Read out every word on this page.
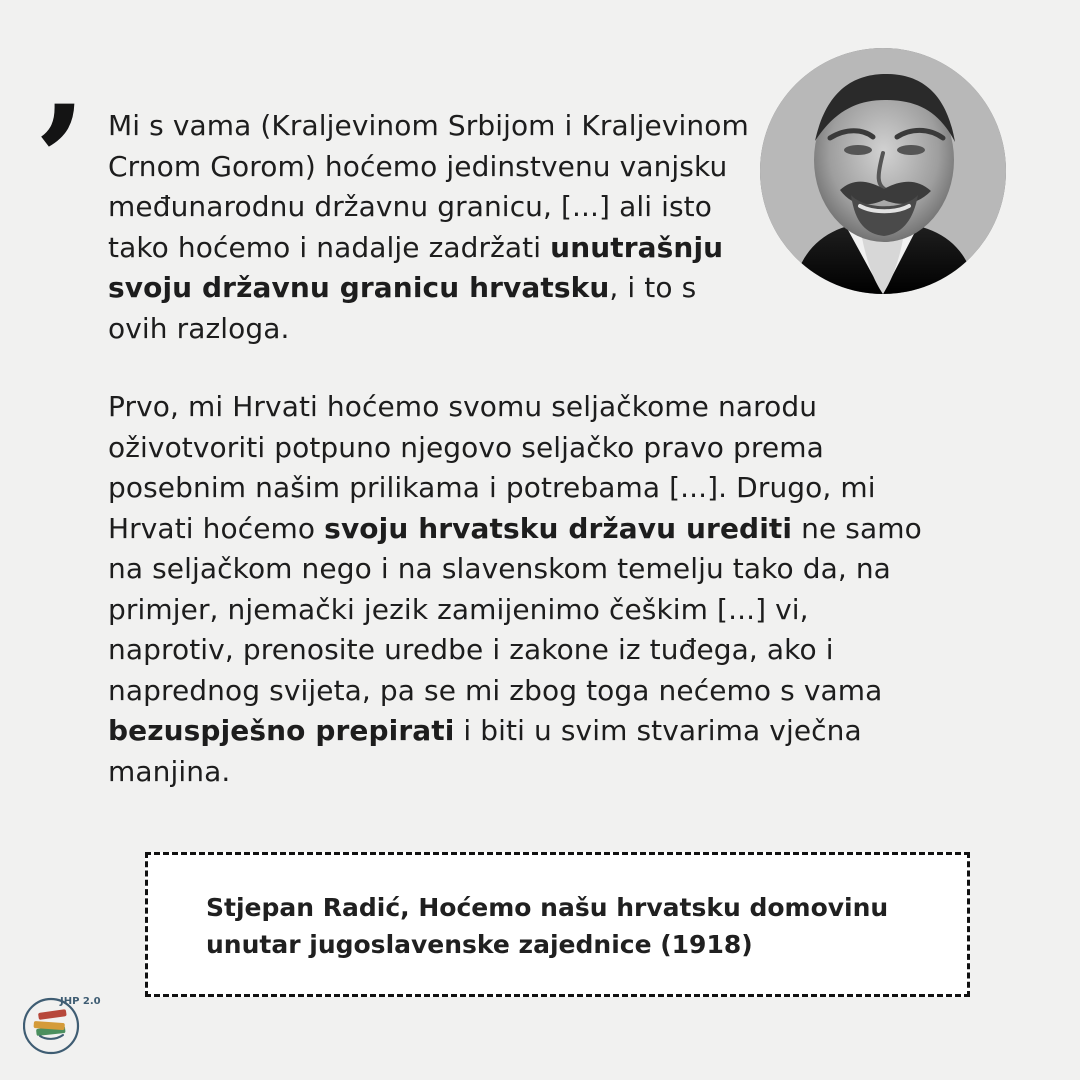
’ Mi s vama (Kraljevinom Srbijom i Kraljevinom Crnom Gorom) hoćemo jedinstvenu vanjsku međunarodnu državnu granicu, [...] ali isto tako hoćemo i nadalje zadržati unutrašnju svoju državnu granicu hrvatsku, i to s ovih razloga.
Prvo, mi Hrvati hoćemo svomu seljačkome narodu oživotvoriti potpuno njegovo seljačko pravo prema posebnim našim prilikama i potrebama [...]. Drugo, mi Hrvati hoćemo svoju hrvatsku državu urediti ne samo na seljačkom nego i na slavenskom temelju tako da, na primjer, njemački jezik zamijenimo češkim [...] vi, naprotiv, prenosite uredbe i zakone iz tuđega, ako i naprednog svijeta, pa se mi zbog toga nećemo s vama bezuspješno prepirati i biti u svim stvarima vječna manjina.
Stjepan Radić, Hoćemo našu hrvatsku domovinu unutar jugoslavenske zajednice (1918)
JHP 2.0
